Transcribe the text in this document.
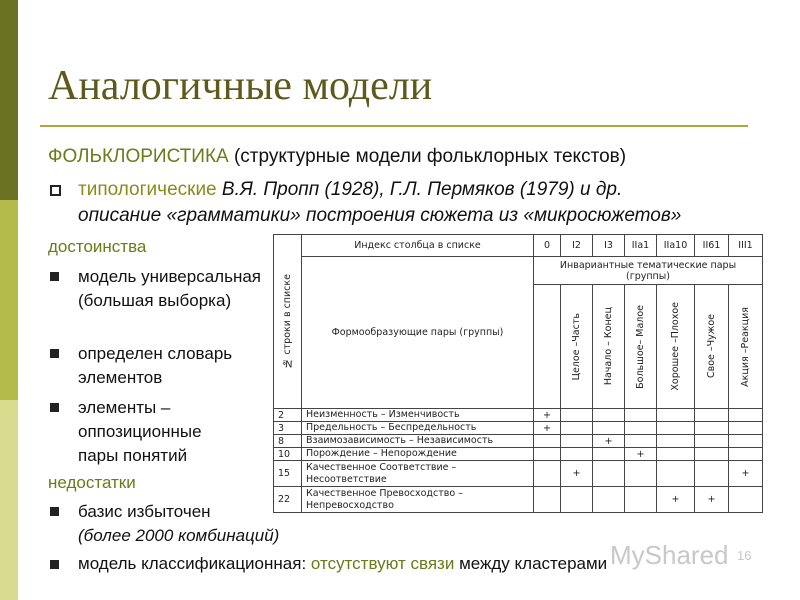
Аналогичные модели
ФОЛЬКЛОРИСТИКА (структурные модели фольклорных текстов)
типологические В.Я. Пропп (1928), Г.Л. Пермяков (1979) и др.
описание «грамматики» построения сюжета из «микросюжетов»
достоинства
модель универсальная (большая выборка)
определен словарь элементов
элементы – оппозиционные пары понятий
недостатки
базис избыточен
(более 2000 комбинаций)
модель классификационная: отсутствуют связи между кластерами
№ строки в списке	Индекс столбца в списке	0	I2	I3	IIa1	IIa10	II61	III1
	Формообразующие пары (группы)	Инвариантные тематические пары (группы)						

			Целое –Часть	Начало – Конец	Большое– Малое	Хорошее –Плохое	Свое –Чужое	Акция –Реакция

2	Неизменность – Изменчивость	+						
3	Предельность – Беспредельность	+						
8	Взаимозависимость – Независимость			+				
10	Порождение – Непорождение				+			
15	Качественное Соответствие – Несоответствие		+					+
22	Качественное Превосходство – Непревосходство					+	+	
MyShared 16
